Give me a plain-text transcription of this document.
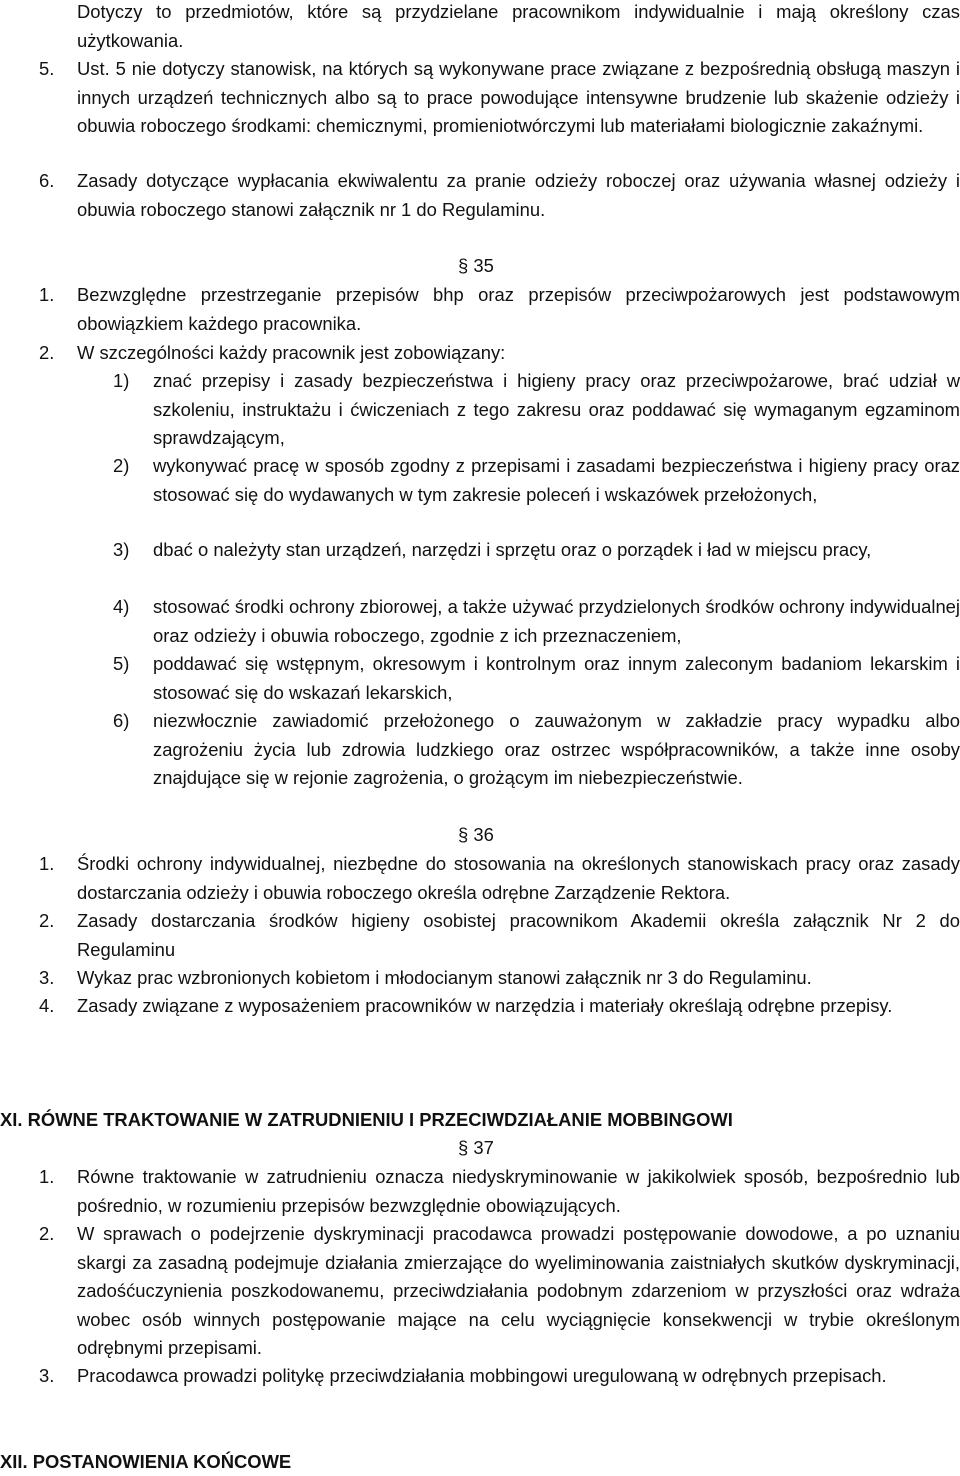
Dotyczy to przedmiotów, które są przydzielane pracownikom indywidualnie i mają określony czas użytkowania.
5. Ust. 5 nie dotyczy stanowisk, na których są wykonywane prace związane z bezpośrednią obsługą maszyn i innych urządzeń technicznych albo są to prace powodujące intensywne brudzenie lub skażenie odzieży i obuwia roboczego środkami: chemicznymi, promieniotwórczymi lub materiałami biologicznie zakaźnymi.
6. Zasady dotyczące wypłacania ekwiwalentu za pranie odzieży roboczej oraz używania własnej odzieży i obuwia roboczego stanowi załącznik nr 1 do Regulaminu.
§ 35
1. Bezwzględne przestrzeganie przepisów bhp oraz przepisów przeciwpożarowych jest podstawowym obowiązkiem każdego pracownika.
2. W szczególności każdy pracownik jest zobowiązany:
1) znać przepisy i zasady bezpieczeństwa i higieny pracy oraz przeciwpożarowe, brać udział w szkoleniu, instruktażu i ćwiczeniach z tego zakresu oraz poddawać się wymaganym egzaminom sprawdzającym,
2) wykonywać pracę w sposób zgodny z przepisami i zasadami bezpieczeństwa i higieny pracy oraz stosować się do wydawanych w tym zakresie poleceń i wskazówek przełożonych,
3) dbać o należyty stan urządzeń, narzędzi i sprzętu oraz o porządek i ład w miejscu pracy,
4) stosować środki ochrony zbiorowej, a także używać przydzielonych środków ochrony indywidualnej oraz odzieży i obuwia roboczego, zgodnie z ich przeznaczeniem,
5) poddawać się wstępnym, okresowym i kontrolnym oraz innym zaleconym badaniom lekarskim i stosować się do wskazań lekarskich,
6) niezwłocznie zawiadomić przełożonego o zauważonym w zakładzie pracy wypadku albo zagrożeniu życia lub zdrowia ludzkiego oraz ostrzec współpracowników, a także inne osoby znajdujące się w rejonie zagrożenia, o grożącym im niebezpieczeństwie.
§ 36
1. Środki ochrony indywidualnej, niezbędne do stosowania na określonych stanowiskach pracy oraz zasady dostarczania odzieży i obuwia roboczego określa odrębne Zarządzenie Rektora.
2. Zasady dostarczania środków higieny osobistej pracownikom Akademii określa załącznik Nr 2 do Regulaminu
3. Wykaz prac wzbronionych kobietom i młodocianym stanowi załącznik nr 3 do Regulaminu.
4. Zasady związane z wyposażeniem pracowników w narzędzia i materiały określają odrębne przepisy.
XI. RÓWNE TRAKTOWANIE W ZATRUDNIENIU I PRZECIWDZIAŁANIE MOBBINGOWI
§ 37
1. Równe traktowanie w zatrudnieniu oznacza niedyskryminowanie w jakikolwiek sposób, bezpośrednio lub pośrednio, w rozumieniu przepisów bezwzględnie obowiązujących.
2. W sprawach o podejrzenie dyskryminacji pracodawca prowadzi postępowanie dowodowe, a po uznaniu skargi za zasadną podejmuje działania zmierzające do wyeliminowania zaistniałych skutków dyskryminacji, zadośćuczynienia poszkodowanemu, przeciwdziałania podobnym zdarzeniom w przyszłości oraz wdraża wobec osób winnych postępowanie mające na celu wyciągnięcie konsekwencji w trybie określonym odrębnymi przepisami.
3. Pracodawca prowadzi politykę przeciwdziałania mobbingowi uregulowaną w odrębnych przepisach.
XII. POSTANOWIENIA KOŃCOWE
